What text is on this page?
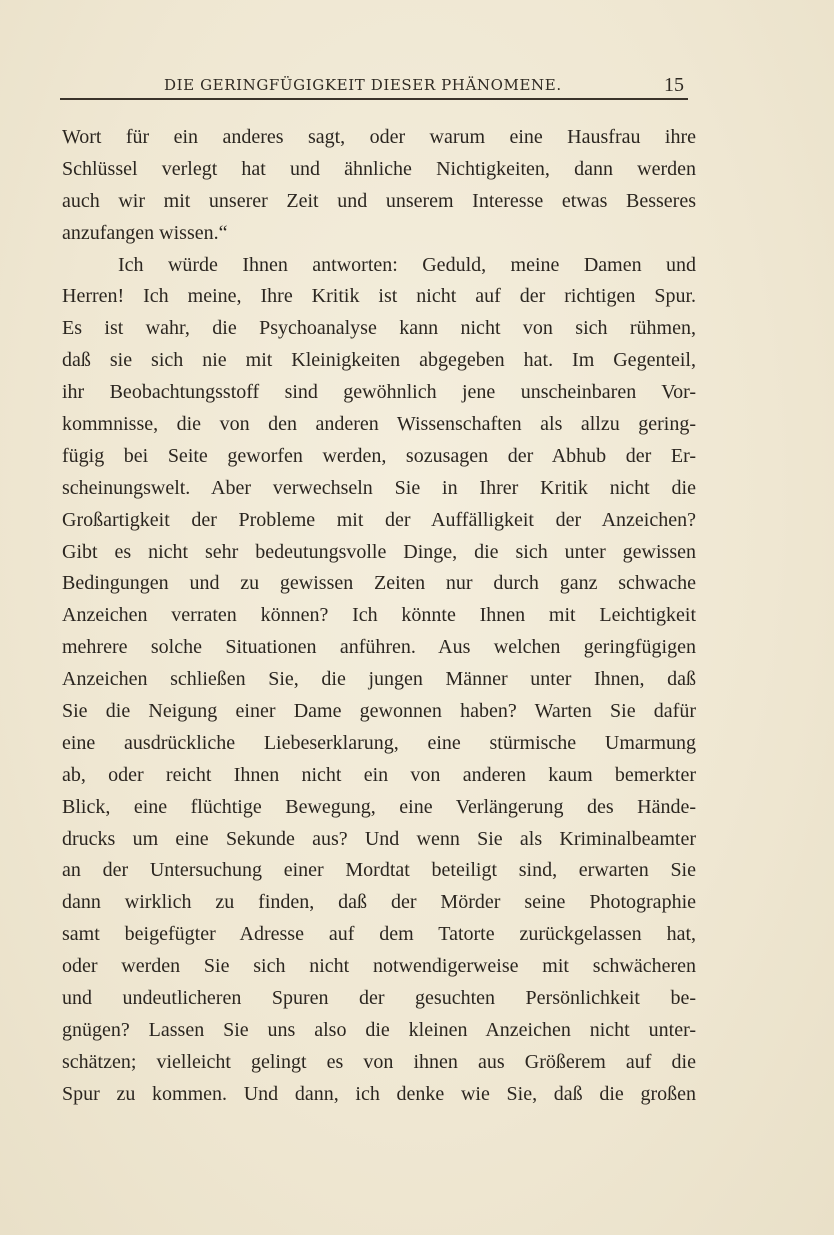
DIE GERINGFÜGIGKEIT DIESER PHÄNOMENE.	15
Wort für ein anderes sagt, oder warum eine Hausfrau ihre
Schlüssel verlegt hat und ähnliche Nichtigkeiten, dann werden
auch wir mit unserer Zeit und unserem Interesse etwas Besseres
anzufangen wissen.“
Ich würde Ihnen antworten: Geduld, meine Damen und
Herren! Ich meine, Ihre Kritik ist nicht auf der richtigen Spur.
Es ist wahr, die Psychoanalyse kann nicht von sich rühmen,
daß sie sich nie mit Kleinigkeiten abgegeben hat. Im Gegenteil,
ihr Beobachtungsstoff sind gewöhnlich jene unscheinbaren Vor-
kommnisse, die von den anderen Wissenschaften als allzu gering-
fügig bei Seite geworfen werden, sozusagen der Abhub der Er-
scheinungswelt. Aber verwechseln Sie in Ihrer Kritik nicht die
Großartigkeit der Probleme mit der Auffälligkeit der Anzeichen?
Gibt es nicht sehr bedeutungsvolle Dinge, die sich unter gewissen
Bedingungen und zu gewissen Zeiten nur durch ganz schwache
Anzeichen verraten können? Ich könnte Ihnen mit Leichtigkeit
mehrere solche Situationen anführen. Aus welchen geringfügigen
Anzeichen schließen Sie, die jungen Männer unter Ihnen, daß
Sie die Neigung einer Dame gewonnen haben? Warten Sie dafür
eine ausdrückliche Liebeserklarung, eine stürmische Umarmung
ab, oder reicht Ihnen nicht ein von anderen kaum bemerkter
Blick, eine flüchtige Bewegung, eine Verlängerung des Hände-
drucks um eine Sekunde aus? Und wenn Sie als Kriminalbeamter
an der Untersuchung einer Mordtat beteiligt sind, erwarten Sie
dann wirklich zu finden, daß der Mörder seine Photographie
samt beigefügter Adresse auf dem Tatorte zurückgelassen hat,
oder werden Sie sich nicht notwendigerweise mit schwächeren
und undeutlicheren Spuren der gesuchten Persönlichkeit be-
gnügen? Lassen Sie uns also die kleinen Anzeichen nicht unter-
schätzen; vielleicht gelingt es von ihnen aus Größerem auf die
Spur zu kommen. Und dann, ich denke wie Sie, daß die großen
